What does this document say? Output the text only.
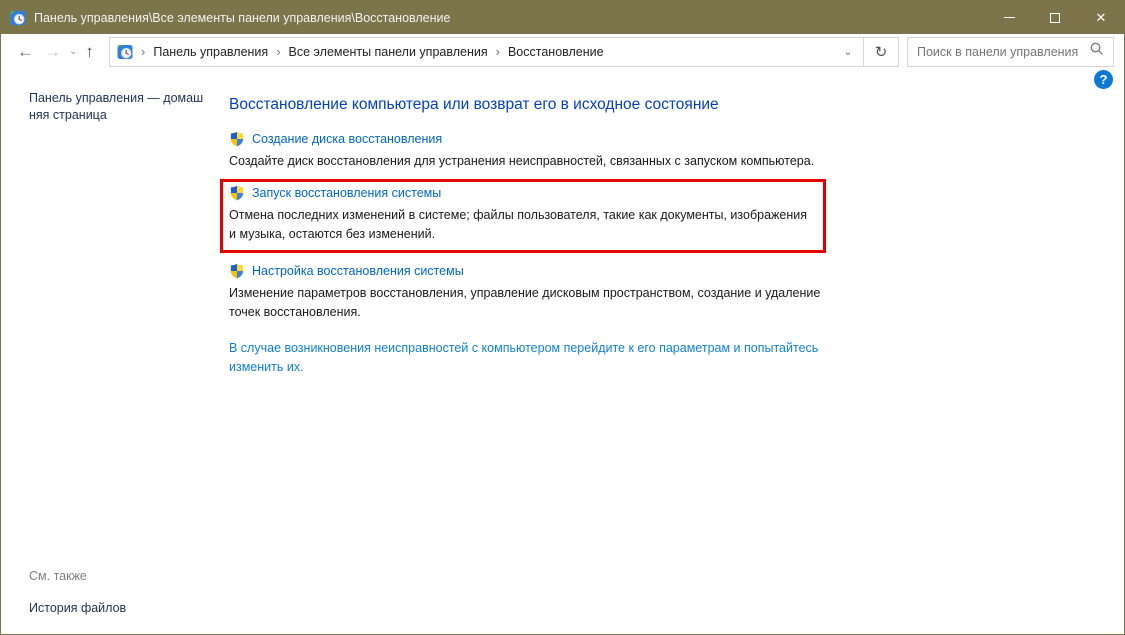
Панель управления\Все элементы панели управления\Восстановление	✕
← → ⌄ ↑	› Панель управления › Все элементы панели управления › Восстановление	⌄	↻
Поиск в панели управления
Панель управления — домашняя страница
См. также
История файлов
Восстановление компьютера или возврат его в исходное состояние
Создание диска восстановления
Создайте диск восстановления для устранения неисправностей, связанных с запуском компьютера.
Запуск восстановления системы
Отмена последних изменений в системе; файлы пользователя, такие как документы, изображения и музыка, остаются без изменений.
Настройка восстановления системы
Изменение параметров восстановления, управление дисковым пространством, создание и удаление точек восстановления.
В случае возникновения неисправностей с компьютером перейдите к его параметрам и попытайтесь изменить их.
?
